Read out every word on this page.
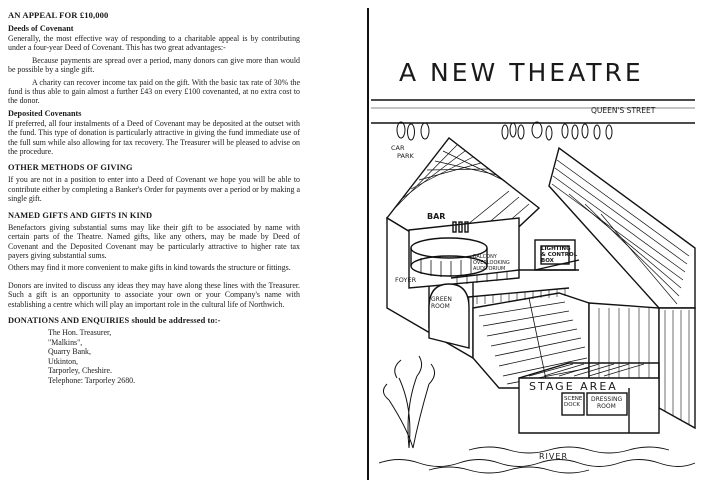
AN APPEAL FOR £10,000
Deeds of Covenant
Generally, the most effective way of responding to a charitable appeal is by contributing under a four-year Deed of Covenant. This has two great advantages:-
Because payments are spread over a period, many donors can give more than would be possible by a single gift.
A charity can recover income tax paid on the gift. With the basic tax rate of 30% the fund is thus able to gain almost a further £43 on every £100 covenanted, at no extra cost to the donor.
Deposited Covenants
If preferred, all four instalments of a Deed of Covenant may be deposited at the outset with the fund. This type of donation is particularly attractive in giving the fund immediate use of the full sum while also allowing for tax recovery. The Treasurer will be pleased to advise on the procedure.
OTHER METHODS OF GIVING
If you are not in a position to enter into a Deed of Covenant we hope you will be able to contribute either by completing a Banker's Order for payments over a period or by making a single gift.
NAMED GIFTS AND GIFTS IN KIND
Benefactors giving substantial sums may like their gift to be associated by name with certain parts of the Theatre. Named gifts, like any others, may be made by Deed of Covenant and the Deposited Covenant may be particularly attractive to higher rate tax payers giving substantial sums.
Others may find it more convenient to make gifts in kind towards the structure or fittings.
Donors are invited to discuss any ideas they may have along these lines with the Treasurer. Such a gift is an opportunity to associate your own or your Company's name with establishing a centre which will play an important role in the cultural life of Northwich.
DONATIONS AND ENQUIRIES should be addressed to:-
The Hon. Treasurer,
"Malkins",
Quarry Bank,
Utkinton,
Tarporley, Cheshire.
Telephone: Tarporley 2680.
A NEW THEATRE
QUEEN'S STREET
CAR
PARK
BAR
BALCONY
OVERLOOKING
AUDITORIUM
LIGHTING
& CONTROL
BOX
FOYER
GREEN
ROOM
STAGE AREA
SCENE
DOCK
DRESSING
ROOM
RIVER
